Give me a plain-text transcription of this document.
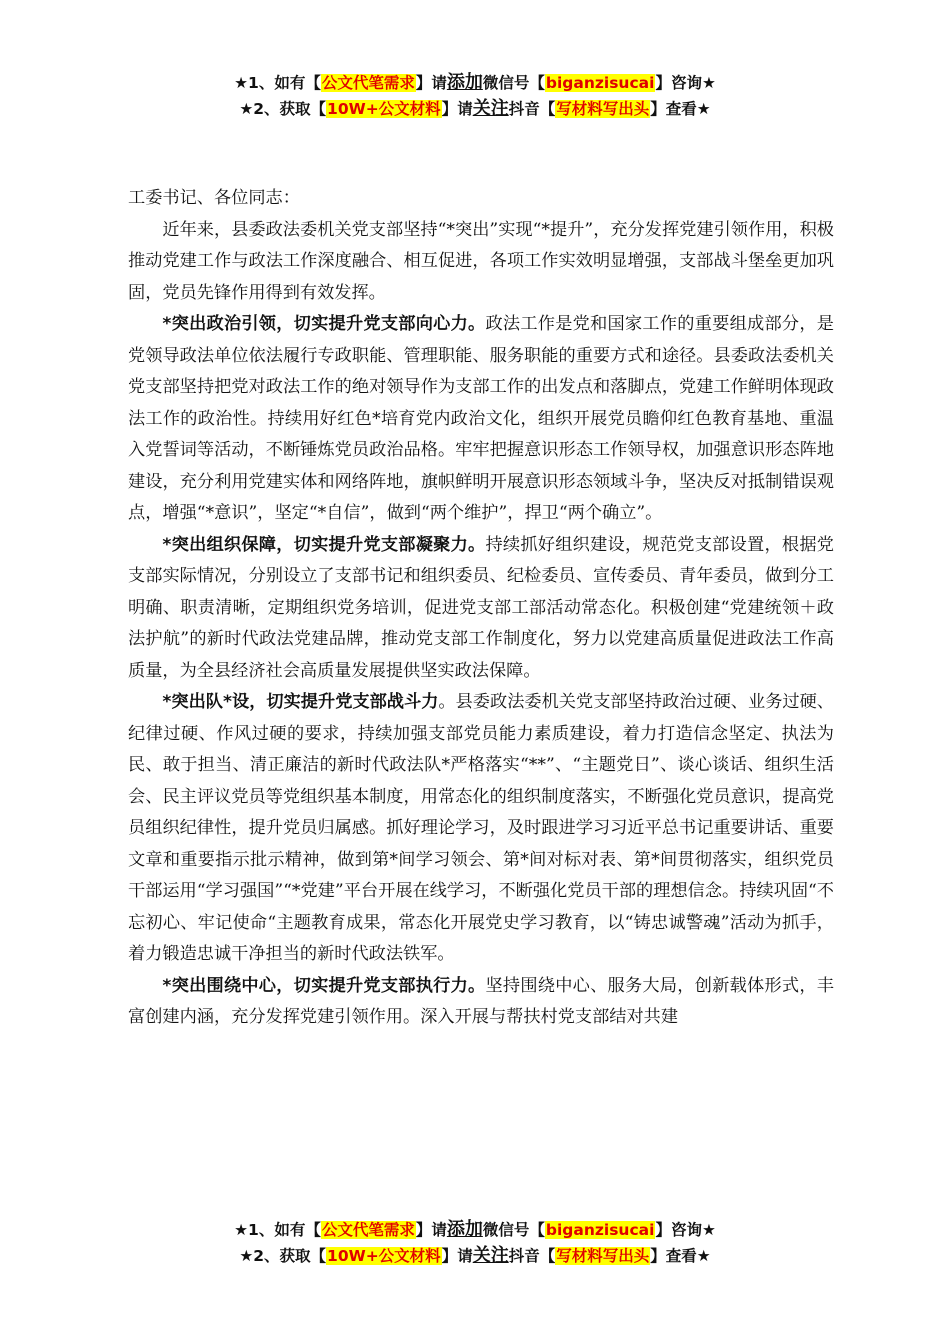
★1、如有【公文代笔需求】请添加微信号【biganzisucai】咨询★
★2、获取【10W+公文材料】请关注抖音【写材料写出头】查看★

工委书记、各位同志：

近年来，县委政法委机关党支部坚持“*突出”实现“*提升”，充分发挥党建引领作用，积极推动党建工作与政法工作深度融合、相互促进，各项工作实效明显增强，支部战斗堡垒更加巩固，党员先锋作用得到有效发挥。

*突出政治引领，切实提升党支部向心力。政法工作是党和国家工作的重要组成部分，是党领导政法单位依法履行专政职能、管理职能、服务职能的重要方式和途径。县委政法委机关党支部坚持把党对政法工作的绝对领导作为支部工作的出发点和落脚点，党建工作鲜明体现政法工作的政治性。持续用好红色*培育党内政治文化，组织开展党员瞻仰红色教育基地、重温入党誓词等活动，不断锤炼党员政治品格。牢牢把握意识形态工作领导权，加强意识形态阵地建设，充分利用党建实体和网络阵地，旗帜鲜明开展意识形态领域斗争，坚决反对抵制错误观点，增强“*意识”，坚定“*自信”，做到“两个维护”，捍卫“两个确立”。

*突出组织保障，切实提升党支部凝聚力。持续抓好组织建设，规范党支部设置，根据党支部实际情况，分别设立了支部书记和组织委员、纪检委员、宣传委员、青年委员，做到分工明确、职责清晰，定期组织党务培训，促进党支部工部活动常态化。积极创建“党建统领＋政法护航”的新时代政法党建品牌，推动党支部工作制度化，努力以党建高质量促进政法工作高质量，为全县经济社会高质量发展提供坚实政法保障。

*突出队*设，切实提升党支部战斗力。县委政法委机关党支部坚持政治过硬、业务过硬、纪律过硬、作风过硬的要求，持续加强支部党员能力素质建设，着力打造信念坚定、执法为民、敢于担当、清正廉洁的新时代政法队*严格落实“**”、“主题党日”、谈心谈话、组织生活会、民主评议党员等党组织基本制度，用常态化的组织制度落实，不断强化党员意识，提高党员组织纪律性，提升党员归属感。抓好理论学习，及时跟进学习习近平总书记重要讲话、重要文章和重要指示批示精神，做到第*间学习领会、第*间对标对表、第*间贯彻落实，组织党员干部运用“学习强国”“*党建”平台开展在线学习，不断强化党员干部的理想信念。持续巩固“不忘初心、牢记使命“主题教育成果，常态化开展党史学习教育，以“铸忠诚警魂”活动为抓手，着力锻造忠诚干净担当的新时代政法铁军。

*突出围绕中心，切实提升党支部执行力。坚持围绕中心、服务大局，创新载体形式，丰富创建内涵，充分发挥党建引领作用。深入开展与帮扶村党支部结对共建

★1、如有【公文代笔需求】请添加微信号【biganzisucai】咨询★
★2、获取【10W+公文材料】请关注抖音【写材料写出头】查看★
